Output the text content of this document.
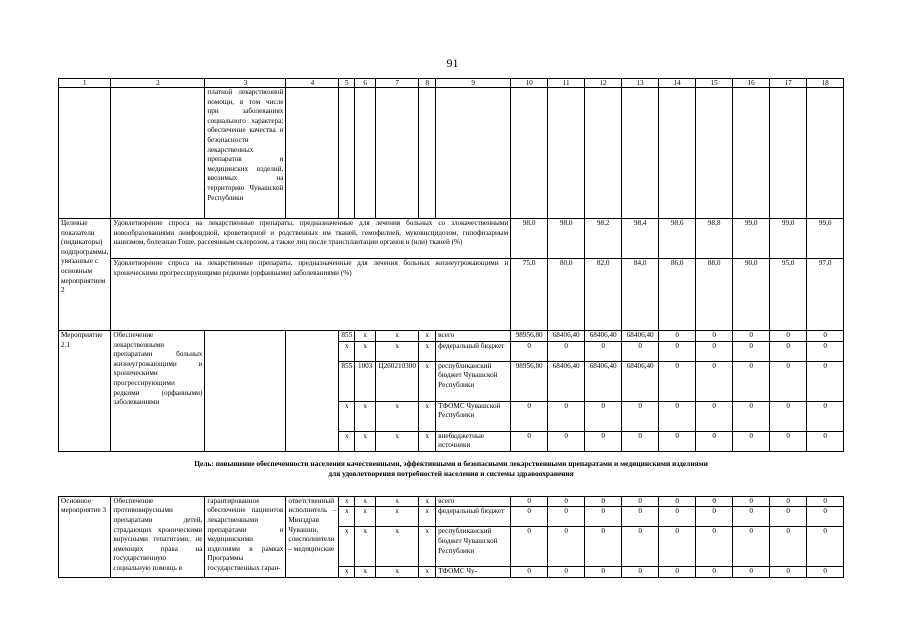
91
1	2	3	4	5	6	7	8	9	10	11	12	13	14	15	16	17	18
		платной лекарственной помощи, в том числе при заболеваниях социального характера; обеспечение качества и безопасности лекарственных препаратов и медицинских изделий, ввозимых на территорию Чувашской Республики															
Целевые показатели (индикаторы) подпрограммы, увязанные с основным мероприятием 2	Удовлетворение спроса на лекарственные препараты, предназначенные для лечения больных со злокачественными новообразованиями лимфоидной, кроветворной и родственных им тканей, гемофилией, муковисцидозом, гипофизарным нанизмом, болезнью Гоше, рассеянным склерозом, а также лиц после трансплантации органов и (или) тканей (%)								98,0	98,0	98,2	98,4	98,6	98,8	99,0	99,0	99,0
	Удовлетворение спроса на лекарственные препараты, предназначенные для лечения больных жизнеугрожающими и хроническими прогрессирующими редкими (орфанными) заболеваниями (%)								75,0	80,0	82,0	84,0	86,0	88,0	90,0	95,0	97,0
Мероприятие 2.1	Обеспечение лекарственными препаратами больных жизнеугрожающими и хроническими прогрессирующими редкими (орфанными) заболеваниями			855	x	x	x	всего	98956,80	68406,40	68406,40	68406,40	0	0	0	0	0
				x	x	x	x	федеральный бюджет	0	0	0	0	0	0	0	0	0
				855	1003	Ц260210300	x	республиканский бюджет Чувашской Республики	98956,80	68406,40	68406,40	68406,40	0	0	0	0	0
				x	x	x	x	ТФОМС Чувашской Республики	0	0	0	0	0	0	0	0	0
				x	x	x	x	внебюджетные источники	0	0	0	0	0	0	0	0	0

Цель: повышение обеспеченности населения качественными, эффективными и безопасными лекарственными препаратами и медицинскими изделиями
для удовлетворения потребностей населения и системы здравоохранения																	

Основное мероприятие 3	Обеспечение противовирусными препаратами детей, страдающих хроническими вирусными гепатитами, не имеющих права на государственную социальную помощь в	гарантированное обеспечение пациентов лекарственными препаратами и медицинскими изделиями в рамках Программы государственных гаран-	ответственный исполнитель – Минздрав Чувашии, соисполнители – медицинские	x	x	x	x	всего	0	0	0	0	0	0	0	0	0
				x	x	x	x	федеральный бюджет	0	0	0	0	0	0	0	0	0
				x	x	x	x	республиканский бюджет Чувашской Республики	0	0	0	0	0	0	0	0	0
				x	x	x	x	ТФОМС Чу-	0	0	0	0	0	0	0	0	0
